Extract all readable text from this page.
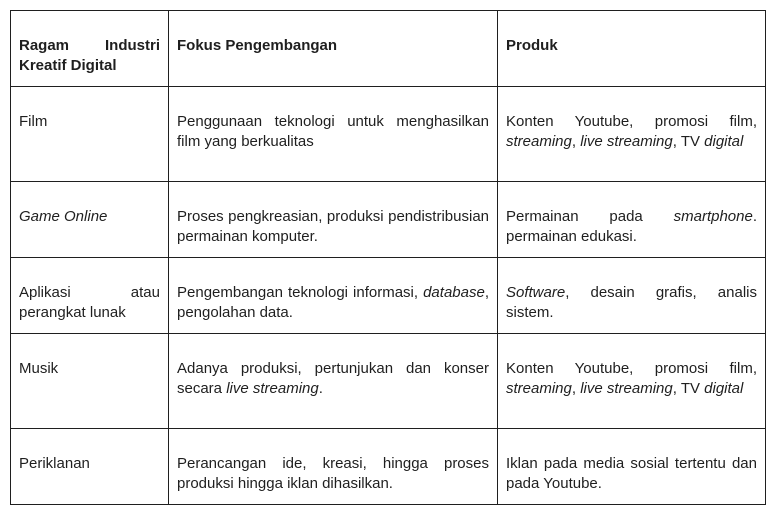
Ragam Industri Kreatif Digital	Fokus Pengembangan	Produk
Film	Penggunaan teknologi untuk menghasilkan film yang berkualitas	Konten Youtube, promosi film, streaming, live streaming, TV digital
Game Online	Proses pengkreasian, produksi pendistribusian permainan komputer.	Permainan pada smartphone. permainan edukasi.
Aplikasi atau perangkat lunak	Pengembangan teknologi informasi, database, pengolahan data.	Software, desain grafis, analis sistem.
Musik	Adanya produksi, pertunjukan dan konser secara live streaming.	Konten Youtube, promosi film, streaming, live streaming, TV digital
Periklanan	Perancangan ide, kreasi, hingga proses produksi hingga iklan dihasilkan.	Iklan pada media sosial tertentu dan pada Youtube.
